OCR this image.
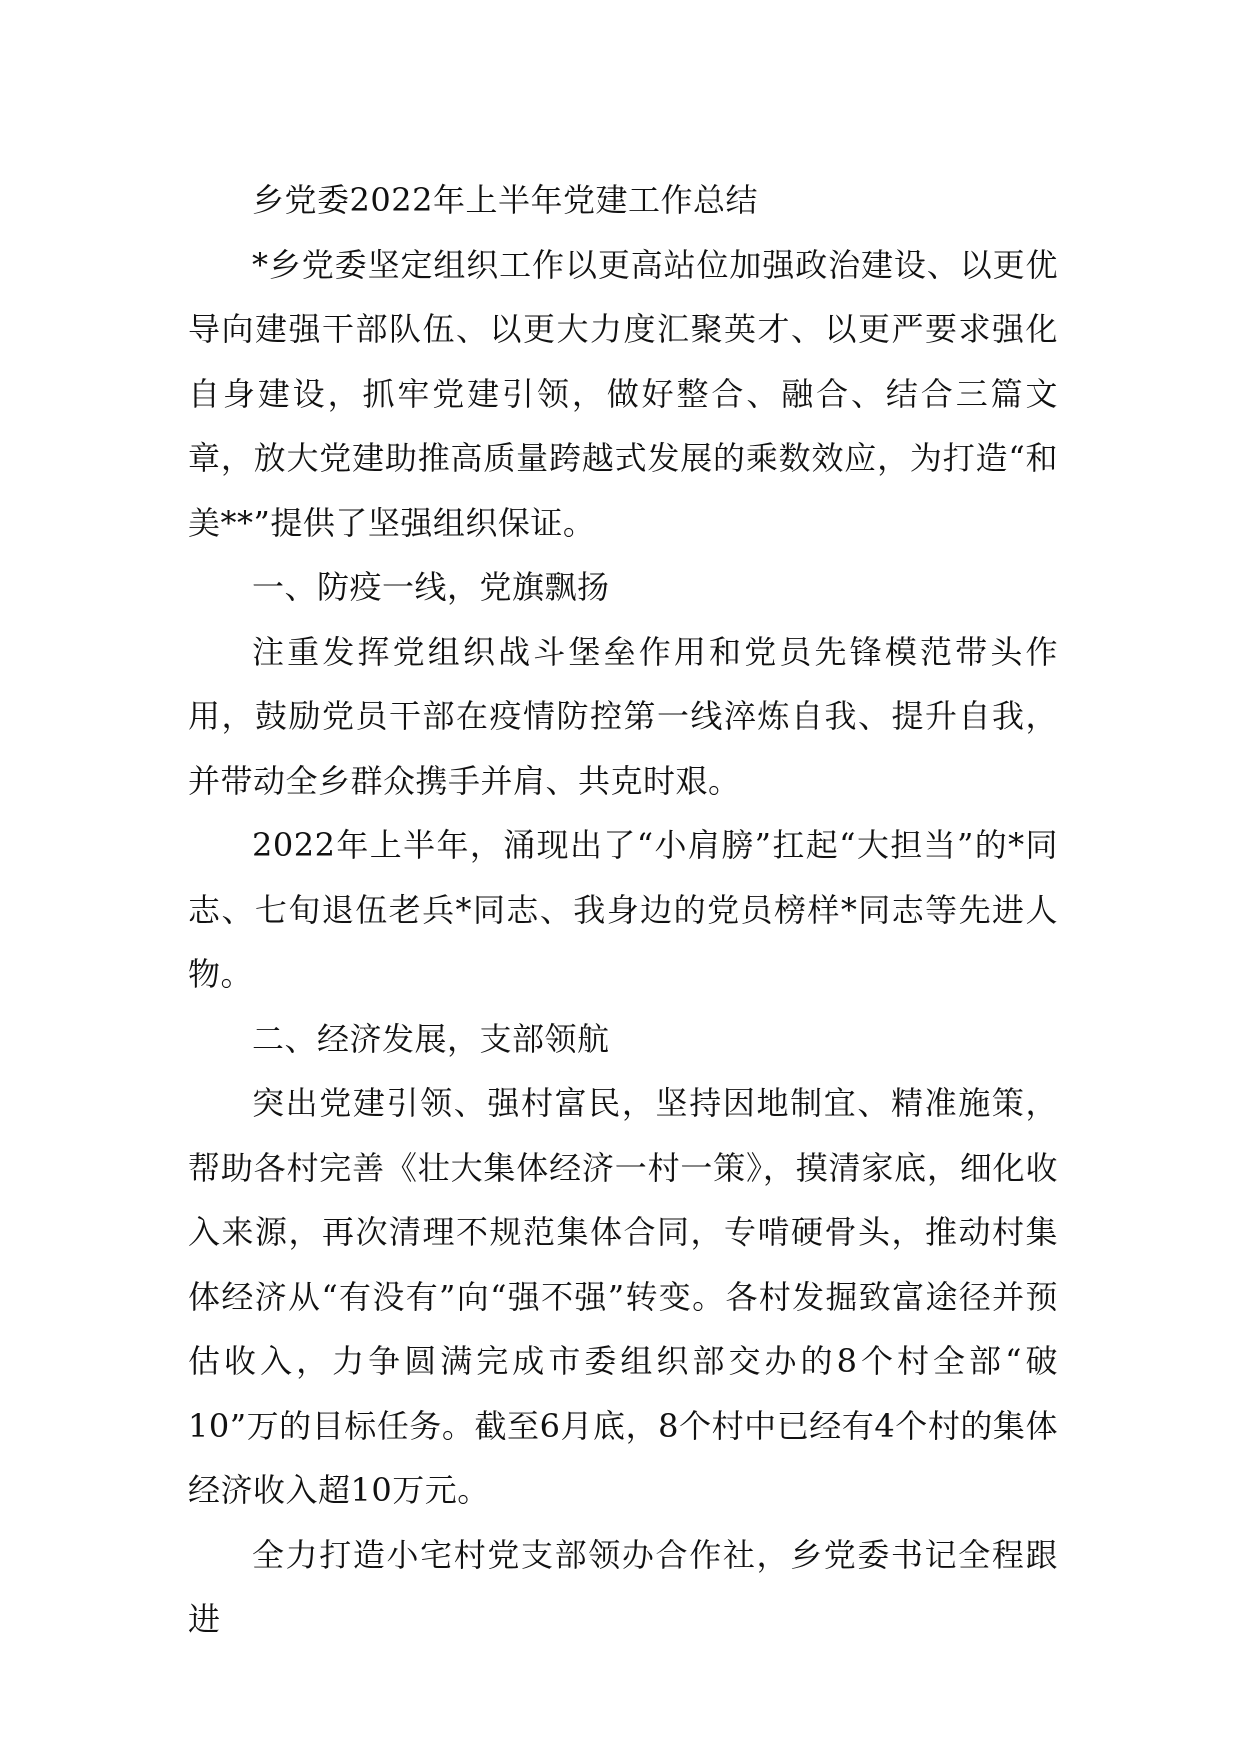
乡党委2022年上半年党建工作总结

*乡党委坚定组织工作以更高站位加强政治建设、以更优导向建强干部队伍、以更大力度汇聚英才、以更严要求强化自身建设，抓牢党建引领，做好整合、融合、结合三篇文章，放大党建助推高质量跨越式发展的乘数效应，为打造“和美**”提供了坚强组织保证。

一、防疫一线，党旗飘扬

注重发挥党组织战斗堡垒作用和党员先锋模范带头作用，鼓励党员干部在疫情防控第一线淬炼自我、提升自我，并带动全乡群众携手并肩、共克时艰。

2022年上半年，涌现出了“小肩膀”扛起“大担当”的*同志、七旬退伍老兵*同志、我身边的党员榜样*同志等先进人物。

二、经济发展，支部领航

突出党建引领、强村富民，坚持因地制宜、精准施策，帮助各村完善《壮大集体经济一村一策》，摸清家底，细化收入来源，再次清理不规范集体合同，专啃硬骨头，推动村集体经济从“有没有”向“强不强”转变。各村发掘致富途径并预估收入，力争圆满完成市委组织部交办的8个村全部“破10”万的目标任务。截至6月底，8个村中已经有4个村的集体经济收入超10万元。

全力打造小宅村党支部领办合作社，乡党委书记全程跟进
